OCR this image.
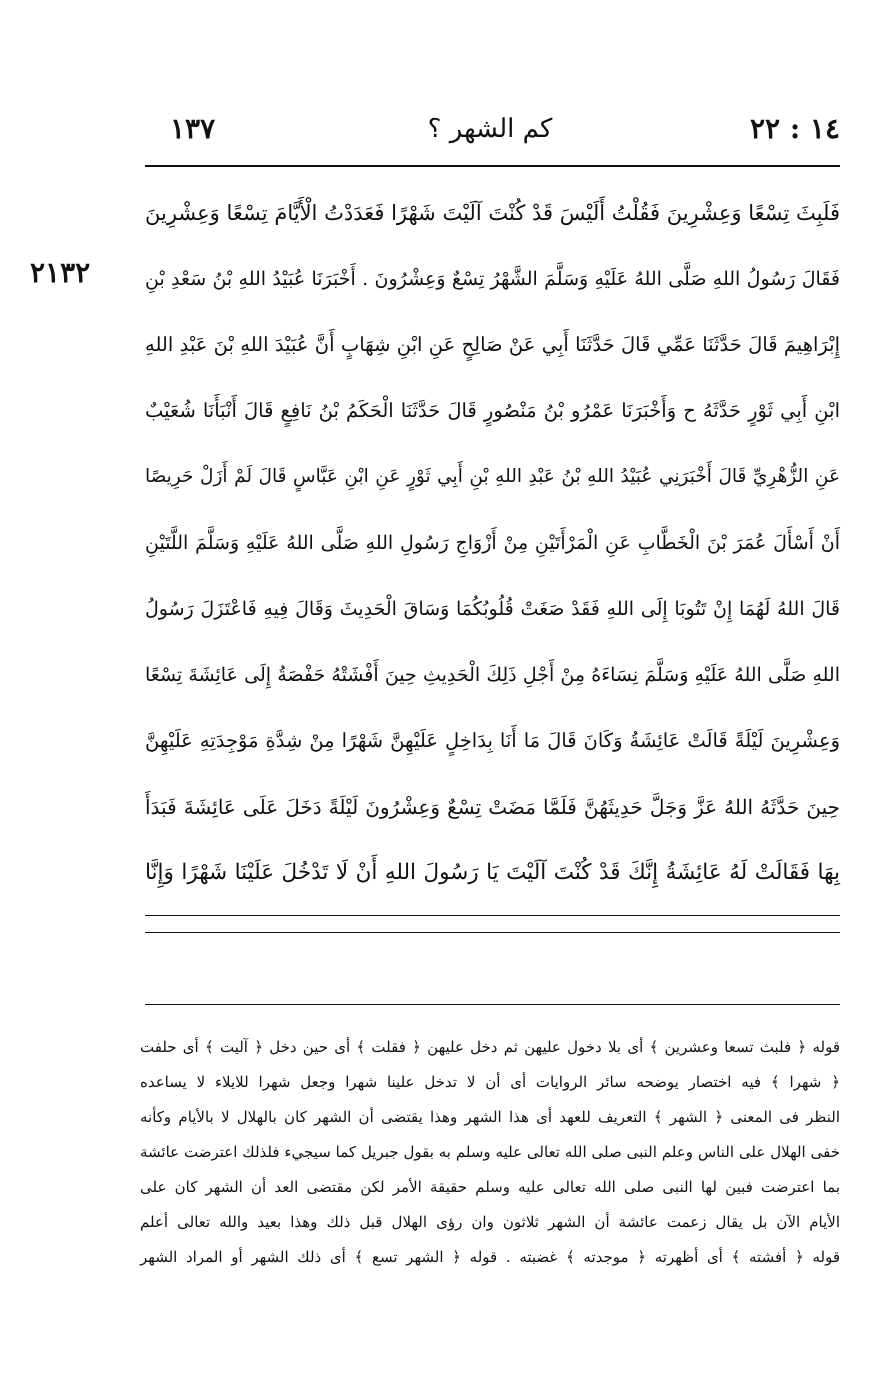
١٣٧	كم الشهر ؟	١٤ : ٢٢
٢١٣٢
فَلَبِثَ تِسْعًا وَعِشْرِينَ فَقُلْتُ أَلَيْسَ قَدْ كُنْتَ آلَيْتَ شَهْرًا فَعَدَدْتُ الْأَيَّامَ تِسْعًا وَعِشْرِينَ
فَقَالَ رَسُولُ اللهِ صَلَّى اللهُ عَلَيْهِ وَسَلَّمَ الشَّهْرُ تِسْعٌ وَعِشْرُونَ . أَخْبَرَنَا عُبَيْدُ اللهِ بْنُ سَعْدِ بْنِ
إِبْرَاهِيمَ قَالَ حَدَّثَنَا عَمِّي قَالَ حَدَّثَنَا أَبِي عَنْ صَالِحٍ عَنِ ابْنِ شِهَابٍ أَنَّ عُبَيْدَ اللهِ بْنَ عَبْدِ اللهِ
ابْنِ أَبِي ثَوْرٍ حَدَّثَهُ ح وَأَخْبَرَنَا عَمْرُو بْنُ مَنْصُورٍ قَالَ حَدَّثَنَا الْحَكَمُ بْنُ نَافِعٍ قَالَ أَنْبَأَنَا شُعَيْبٌ
عَنِ الزُّهْرِيِّ قَالَ أَخْبَرَنِي عُبَيْدُ اللهِ بْنُ عَبْدِ اللهِ بْنِ أَبِي ثَوْرٍ عَنِ ابْنِ عَبَّاسٍ قَالَ لَمْ أَزَلْ حَرِيصًا
أَنْ أَسْأَلَ عُمَرَ بْنَ الْخَطَّابِ عَنِ الْمَرْأَتَيْنِ مِنْ أَزْوَاجِ رَسُولِ اللهِ صَلَّى اللهُ عَلَيْهِ وَسَلَّمَ اللَّتَيْنِ
قَالَ اللهُ لَهُمَا إِنْ تَتُوبَا إِلَى اللهِ فَقَدْ صَغَتْ قُلُوبُكُمَا وَسَاقَ الْحَدِيثَ وَقَالَ فِيهِ فَاعْتَزَلَ رَسُولُ
اللهِ صَلَّى اللهُ عَلَيْهِ وَسَلَّمَ نِسَاءَهُ مِنْ أَجْلِ ذَلِكَ الْحَدِيثِ حِينَ أَفْشَتْهُ حَفْصَةُ إِلَى عَائِشَةَ تِسْعًا
وَعِشْرِينَ لَيْلَةً قَالَتْ عَائِشَةُ وَكَانَ قَالَ مَا أَنَا بِدَاخِلٍ عَلَيْهِنَّ شَهْرًا مِنْ شِدَّةِ مَوْجِدَتِهِ عَلَيْهِنَّ
حِينَ حَدَّثَهُ اللهُ عَزَّ وَجَلَّ حَدِيثَهُنَّ فَلَمَّا مَضَتْ تِسْعٌ وَعِشْرُونَ لَيْلَةً دَخَلَ عَلَى عَائِشَةَ فَبَدَأَ
بِهَا فَقَالَتْ لَهُ عَائِشَةُ إِنَّكَ قَدْ كُنْتَ آلَيْتَ يَا رَسُولَ اللهِ أَنْ لَا تَدْخُلَ عَلَيْنَا شَهْرًا وَإِنَّا
قوله ﴿ فلبث تسعا وعشرين ﴾ أى بلا دخول عليهن ثم دخل عليهن ﴿ فقلت ﴾ أى حين دخل ﴿ آليت ﴾ أى حلفت
﴿ شهرا ﴾ فيه اختصار يوضحه سائر الروايات أى أن لا تدخل علينا شهرا وجعل شهرا للايلاء لا يساعده
النظر فى المعنى ﴿ الشهر ﴾ التعريف للعهد أى هذا الشهر وهذا يقتضى أن الشهر كان بالهلال لا بالأيام وكأنه
خفى الهلال على الناس وعلم النبى صلى الله تعالى عليه وسلم به بقول جبريل كما سيجيء فلذلك اعترضت عائشة
بما اعترضت فبين لها النبى صلى الله تعالى عليه وسلم حقيقة الأمر لكن مقتضى العد أن الشهر كان على
الأيام الآن بل يقال زعمت عائشة أن الشهر ثلاثون وان رؤى الهلال قبل ذلك وهذا بعيد والله تعالى أعلم
قوله ﴿ أفشته ﴾ أى أظهرته ﴿ موجدته ﴾ غضبته . قوله ﴿ الشهر تسع ﴾ أى ذلك الشهر أو المراد الشهر
